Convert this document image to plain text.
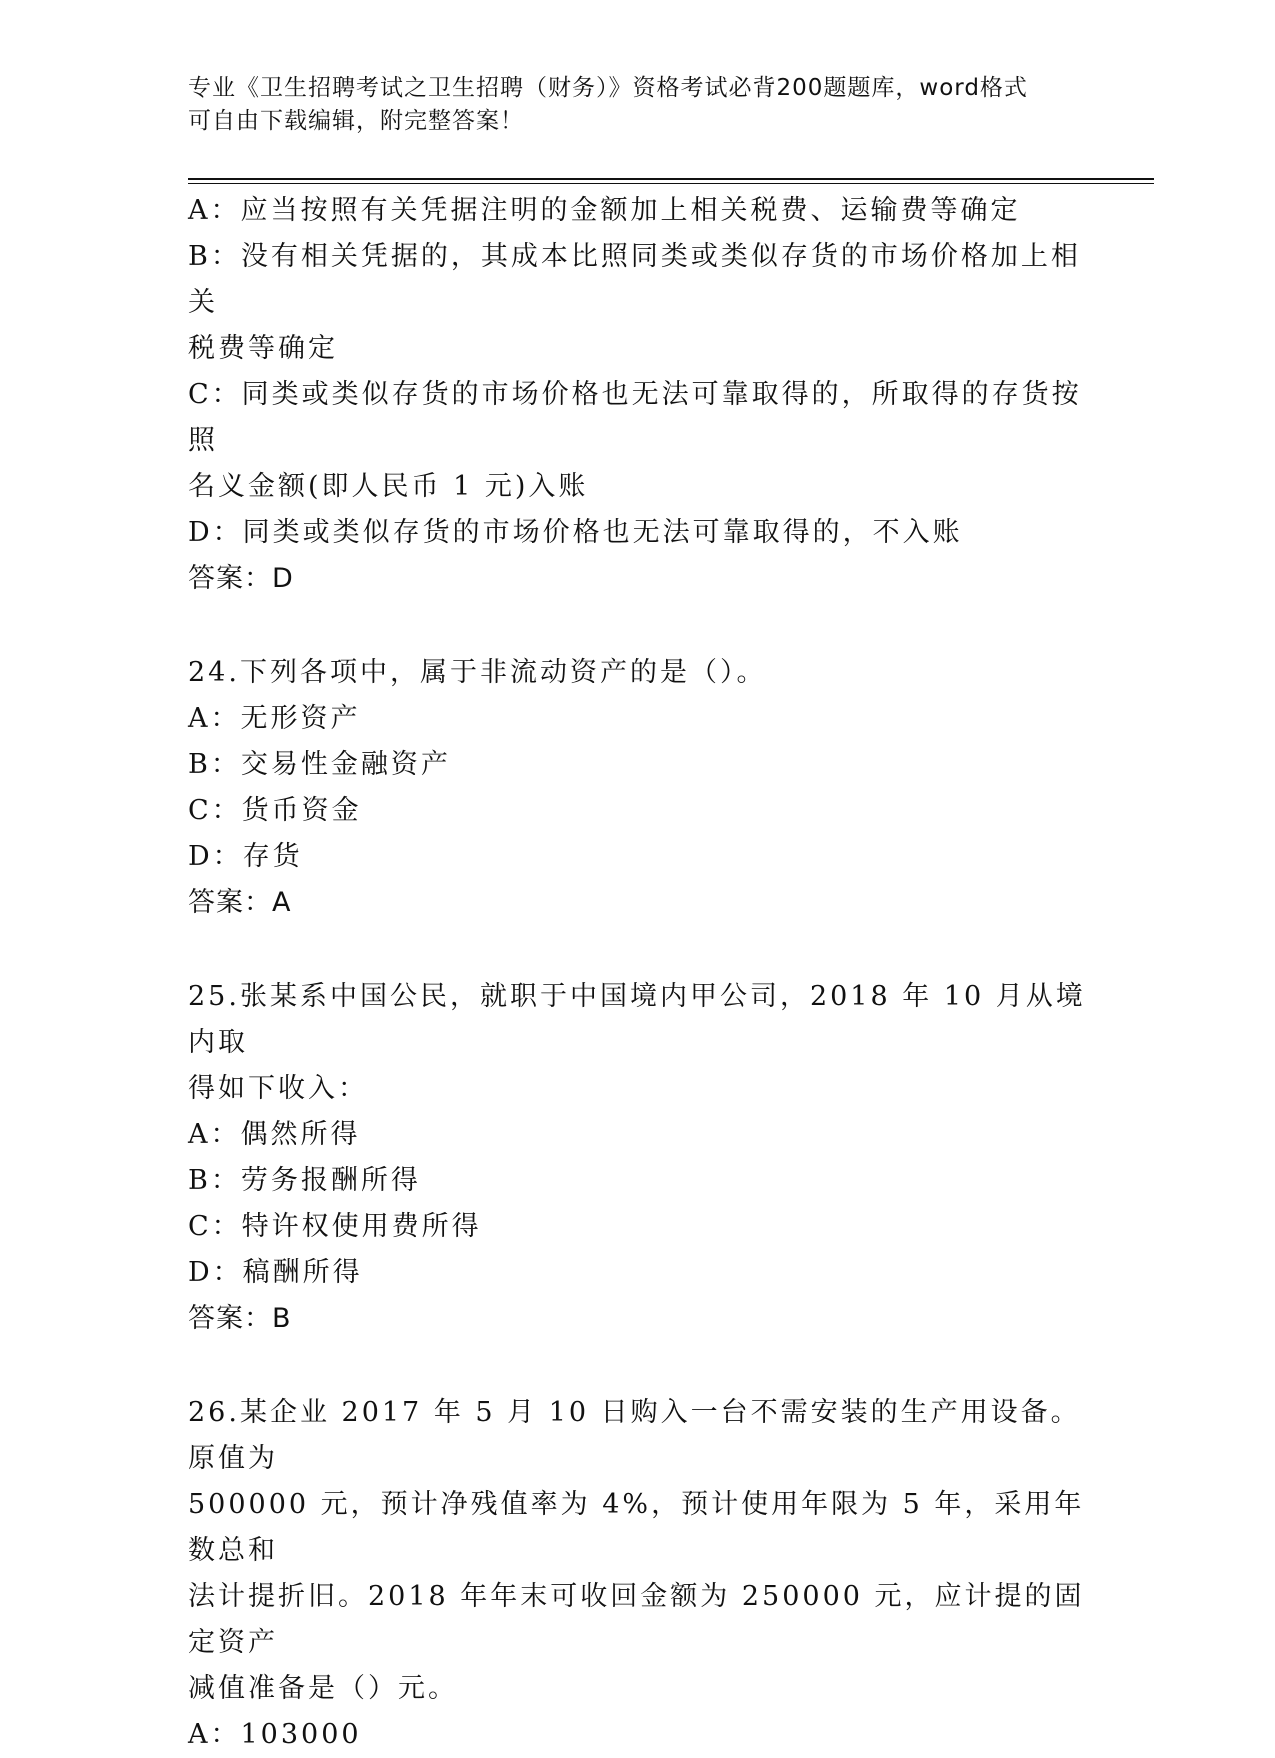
专业《卫生招聘考试之卫生招聘（财务）》资格考试必背200题题库，word格式
可自由下载编辑，附完整答案！
A：应当按照有关凭据注明的金额加上相关税费、运输费等确定
B：没有相关凭据的，其成本比照同类或类似存货的市场价格加上相关
税费等确定
C：同类或类似存货的市场价格也无法可靠取得的，所取得的存货按照
名义金额(即人民币 1 元)入账
D：同类或类似存货的市场价格也无法可靠取得的，不入账
答案：D
24.下列各项中，属于非流动资产的是（）。
A：无形资产
B：交易性金融资产
C：货币资金
D：存货
答案：A
25.张某系中国公民，就职于中国境内甲公司，2018 年 10 月从境内取
得如下收入：
A：偶然所得
B：劳务报酬所得
C：特许权使用费所得
D：稿酬所得
答案：B
26.某企业 2017 年 5 月 10 日购入一台不需安装的生产用设备。原值为
500000 元，预计净残值率为 4%，预计使用年限为 5 年，采用年数总和
法计提折旧。2018 年年末可收回金额为 250000 元，应计提的固定资产
减值准备是（）元。
A：103000
